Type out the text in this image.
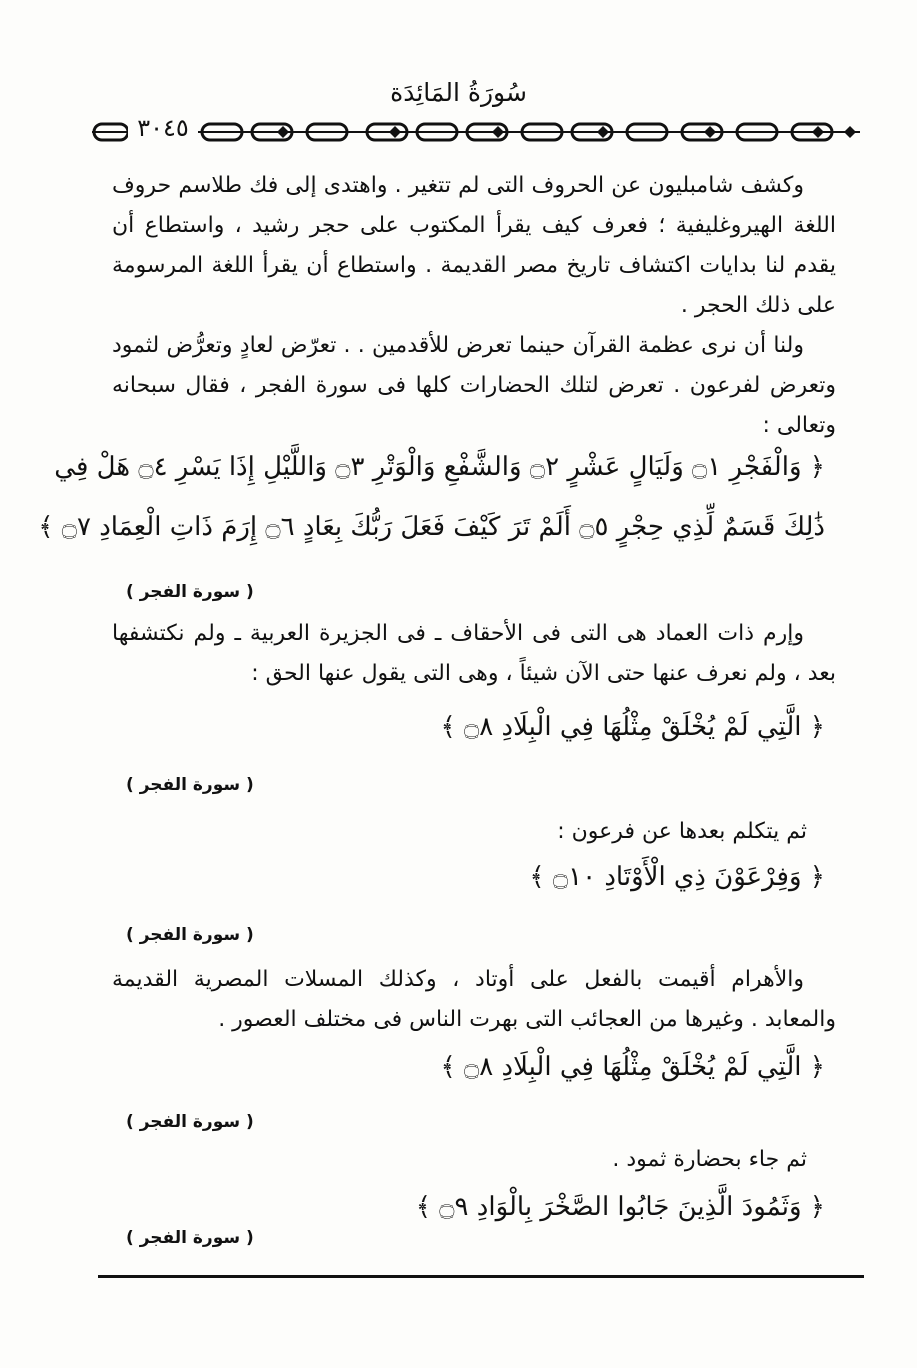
سُورَةُ المَائِدَة
٣٠٤٥
وكشف شامبليون عن الحروف التى لم تتغير . واهتدى إلى فك طلاسم حروف اللغة الهيروغليفية ؛ فعرف كيف يقرأ المكتوب على حجر رشيد ، واستطاع أن يقدم لنا بدايات اكتشاف تاريخ مصر القديمة . واستطاع أن يقرأ اللغة المرسومة على ذلك الحجر .
ولنا أن نرى عظمة القرآن حينما تعرض للأقدمين . . تعرّض لعادٍ وتعرُّض لثمود وتعرض لفرعون . تعرض لتلك الحضارات كلها فى سورة الفجر ، فقال سبحانه وتعالى :
﴿ وَالْفَجْرِ ۝١ وَلَيَالٍ عَشْرٍ ۝٢ وَالشَّفْعِ وَالْوَتْرِ ۝٣ وَاللَّيْلِ إِذَا يَسْرِ ۝٤ هَلْ فِي
ذَٰلِكَ قَسَمٌ لِّذِي حِجْرٍ ۝٥ أَلَمْ تَرَ كَيْفَ فَعَلَ رَبُّكَ بِعَادٍ ۝٦ إِرَمَ ذَاتِ الْعِمَادِ ۝٧ ﴾
( سورة الفجر )
وإرم ذات العماد هى التى فى الأحقاف ـ فى الجزيرة العربية ـ ولم نكتشفها بعد ، ولم نعرف عنها حتى الآن شيئاً ، وهى التى يقول عنها الحق :
﴿ الَّتِي لَمْ يُخْلَقْ مِثْلُهَا فِي الْبِلَادِ ۝٨ ﴾
( سورة الفجر )
ثم يتكلم بعدها عن فرعون :
﴿ وَفِرْعَوْنَ ذِي الْأَوْتَادِ ۝١٠ ﴾
( سورة الفجر )
والأهرام أقيمت بالفعل على أوتاد ، وكذلك المسلات المصرية القديمة والمعابد . وغيرها من العجائب التى بهرت الناس فى مختلف العصور .
﴿ الَّتِي لَمْ يُخْلَقْ مِثْلُهَا فِي الْبِلَادِ ۝٨ ﴾
( سورة الفجر )
ثم جاء بحضارة ثمود .
﴿ وَثَمُودَ الَّذِينَ جَابُوا الصَّخْرَ بِالْوَادِ ۝٩ ﴾
( سورة الفجر )
